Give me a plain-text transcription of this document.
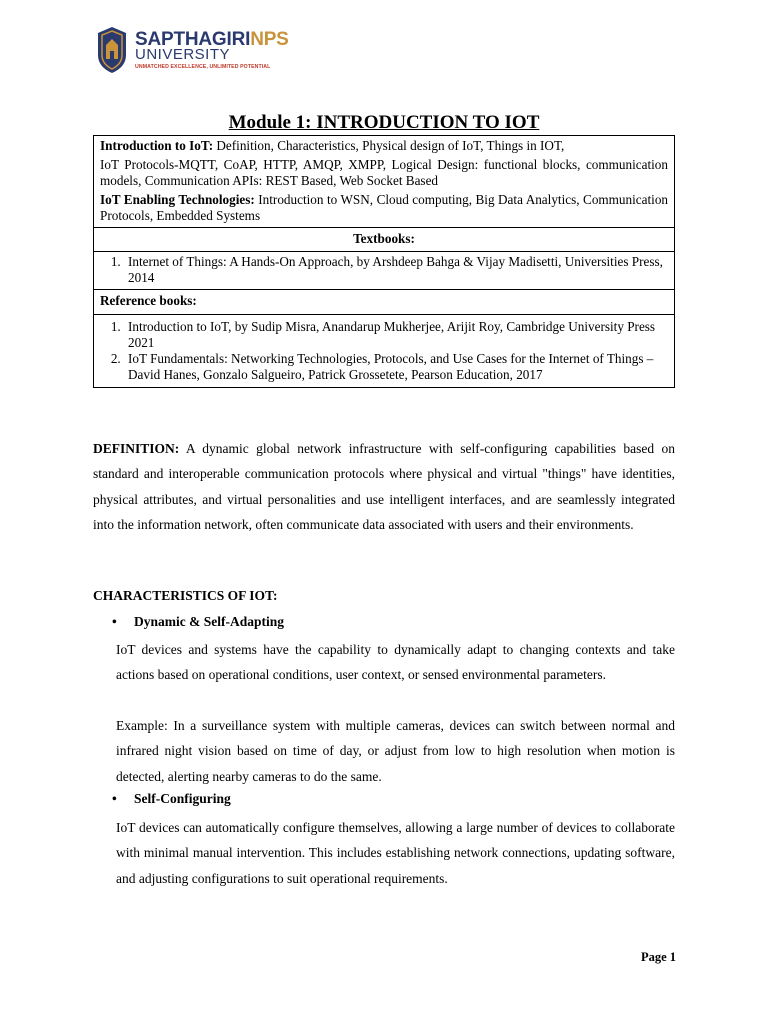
SAPTHAGIRINPS
UNIVERSITY
UNMATCHED EXCELLENCE, UNLIMITED POTENTIAL
Module 1: INTRODUCTION TO IOT
Introduction to IoT: Definition, Characteristics, Physical design of IoT, Things in IOT,
IoT Protocols-MQTT, CoAP, HTTP, AMQP, XMPP, Logical Design: functional blocks, communication models, Communication APIs: REST Based, Web Socket Based
IoT Enabling Technologies: Introduction to WSN, Cloud computing, Big Data Analytics, Communication Protocols, Embedded Systems

Textbooks:

1. Internet of Things: A Hands-On Approach, by Arshdeep Bahga & Vijay Madisetti, Universities Press, 2014

Reference books:

1. Introduction to IoT, by Sudip Misra, Anandarup Mukherjee, Arijit Roy, Cambridge University Press 2021
2. IoT Fundamentals: Networking Technologies, Protocols, and Use Cases for the Internet of Things – David Hanes, Gonzalo Salgueiro, Patrick Grossetete, Pearson Education, 2017
DEFINITION: A dynamic global network infrastructure with self-configuring capabilities based on standard and interoperable communication protocols where physical and virtual "things" have identities, physical attributes, and virtual personalities and use intelligent interfaces, and are seamlessly integrated into the information network, often communicate data associated with users and their environments.
CHARACTERISTICS OF IOT:
• Dynamic & Self-Adapting
IoT devices and systems have the capability to dynamically adapt to changing contexts and take actions based on operational conditions, user context, or sensed environmental parameters.
Example: In a surveillance system with multiple cameras, devices can switch between normal and infrared night vision based on time of day, or adjust from low to high resolution when motion is detected, alerting nearby cameras to do the same.
• Self-Configuring
IoT devices can automatically configure themselves, allowing a large number of devices to collaborate with minimal manual intervention. This includes establishing network connections, updating software, and adjusting configurations to suit operational requirements.
Page 1
